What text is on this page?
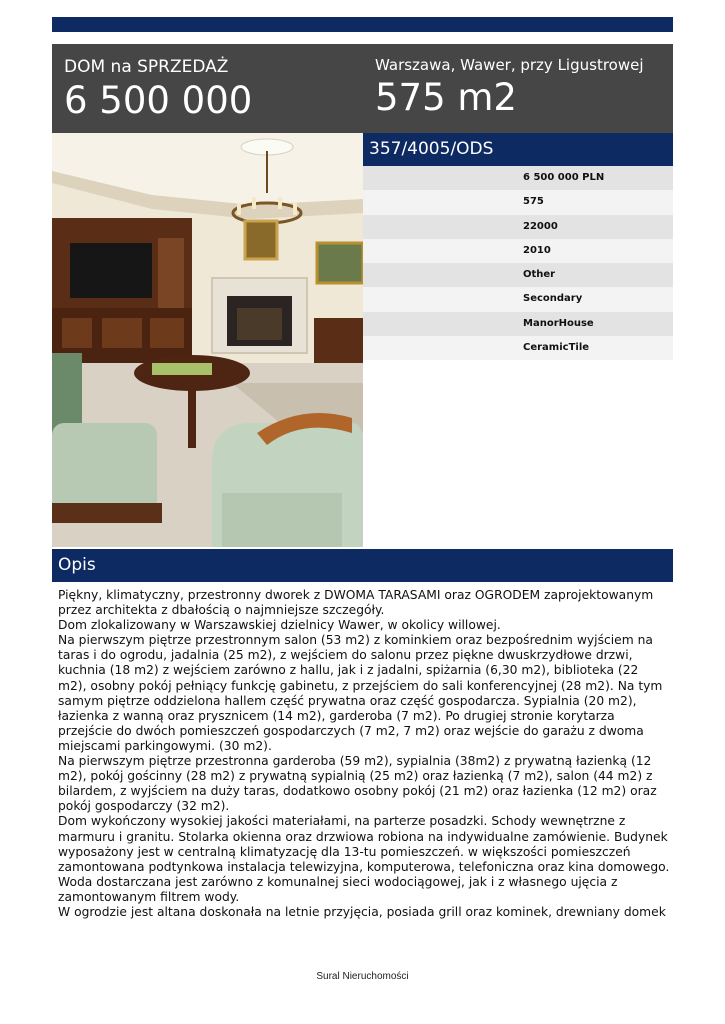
DOM na SPRZEDAŻ
6 500 000
Warszawa, Wawer, przy Ligustrowej
575 m2
357/4005/ODS
6 500 000 PLN
575
22000
2010
Other
Secondary
ManorHouse
CeramicTile
Opis

Piękny, klimatyczny, przestronny dworek z DWOMA TARASAMI oraz OGRODEM zaprojektowanym przez architekta z dbałością o najmniejsze szczegóły.

Dom zlokalizowany w Warszawskiej dzielnicy Wawer, w okolicy willowej.

Na pierwszym piętrze przestronnym salon (53 m2) z kominkiem oraz bezpośrednim wyjściem na taras i do ogrodu, jadalnia (25 m2), z wejściem do salonu przez piękne dwuskrzydłowe drzwi, kuchnia (18 m2) z wejściem zarówno z hallu, jak i z jadalni, spiżarnia (6,30 m2), biblioteka (22 m2), osobny pokój pełniący funkcję gabinetu, z przejściem do sali konferencyjnej (28 m2). Na tym samym piętrze oddzielona hallem część prywatna oraz część gospodarcza. Sypialnia (20 m2), łazienka z wanną oraz prysznicem (14 m2), garderoba (7 m2). Po drugiej stronie korytarza przejście do dwóch pomieszczeń gospodarczych (7 m2, 7 m2) oraz wejście do garażu z dwoma miejscami parkingowymi. (30 m2).

Na pierwszym piętrze przestronna garderoba (59 m2), sypialnia (38m2) z prywatną łazienką (12 m2), pokój gościnny (28 m2) z prywatną sypialnią (25 m2) oraz łazienką (7 m2), salon (44 m2) z bilardem, z wyjściem na duży taras, dodatkowo osobny pokój (21 m2) oraz łazienka (12 m2) oraz pokój gospodarczy (32 m2).

Dom wykończony wysokiej jakości materiałami, na parterze posadzki. Schody wewnętrzne z marmuru i granitu. Stolarka okienna oraz drzwiowa robiona na indywidualne zamówienie. Budynek wyposażony jest w centralną klimatyzację dla 13-tu pomieszczeń. w większości pomieszczeń zamontowana podtynkowa instalacja telewizyjna, komputerowa, telefoniczna oraz kina domowego. Woda dostarczana jest zarówno z komunalnej sieci wodociągowej, jak i z własnego ujęcia z zamontowanym filtrem wody.

W ogrodzie jest altana doskonała na letnie przyjęcia, posiada grill oraz kominek, drewniany domek

Sural Nieruchomości
